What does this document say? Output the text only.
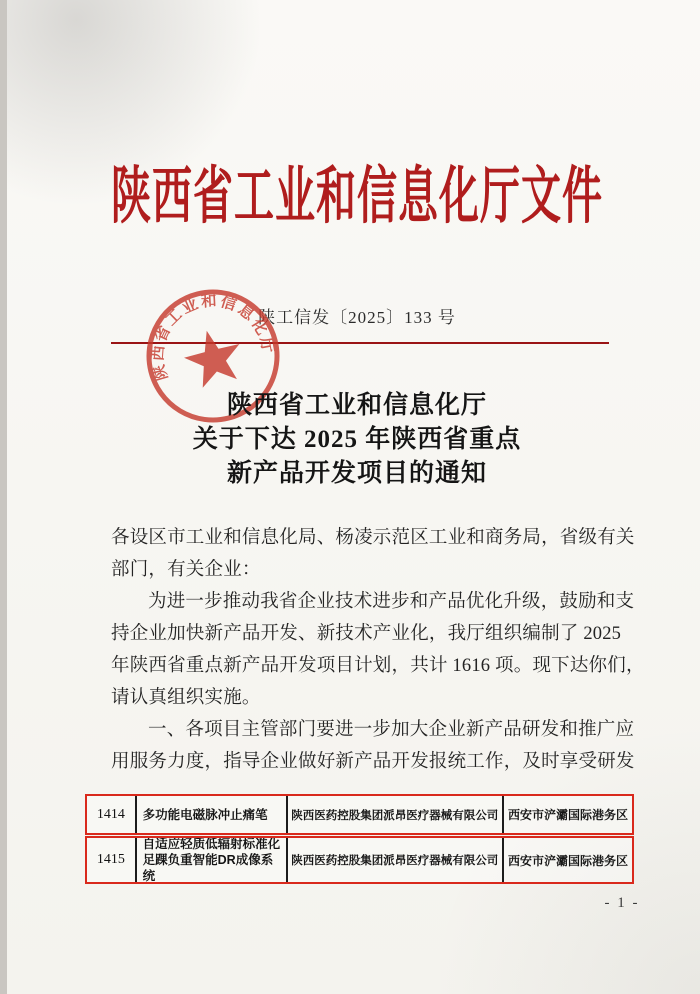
陕西省工业和信息化厅文件
陕工信发〔2025〕133 号
陕西省工业和信息化厅
陕西省工业和信息化厅
关于下达 2025 年陕西省重点
新产品开发项目的通知
各设区市工业和信息化局、杨凌示范区工业和商务局，省级有关
部门，有关企业：
为进一步推动我省企业技术进步和产品优化升级，鼓励和支
持企业加快新产品开发、新技术产业化，我厅组织编制了 2025
年陕西省重点新产品开发项目计划，共计 1616 项。现下达你们，
请认真组织实施。
一、各项目主管部门要进一步加大企业新产品研发和推广应
用服务力度，指导企业做好新产品开发报统工作，及时享受研发
1414	多功能电磁脉冲止痛笔	陕西医药控股集团派昂医疗器械有限公司 西安市浐灞国际港务区
1415
自适应轻质低辐射标准化足踝负重智能DR成像系统
陕西医药控股集团派昂医疗器械有限公司 西安市浐灞国际港务区
- 1 -
